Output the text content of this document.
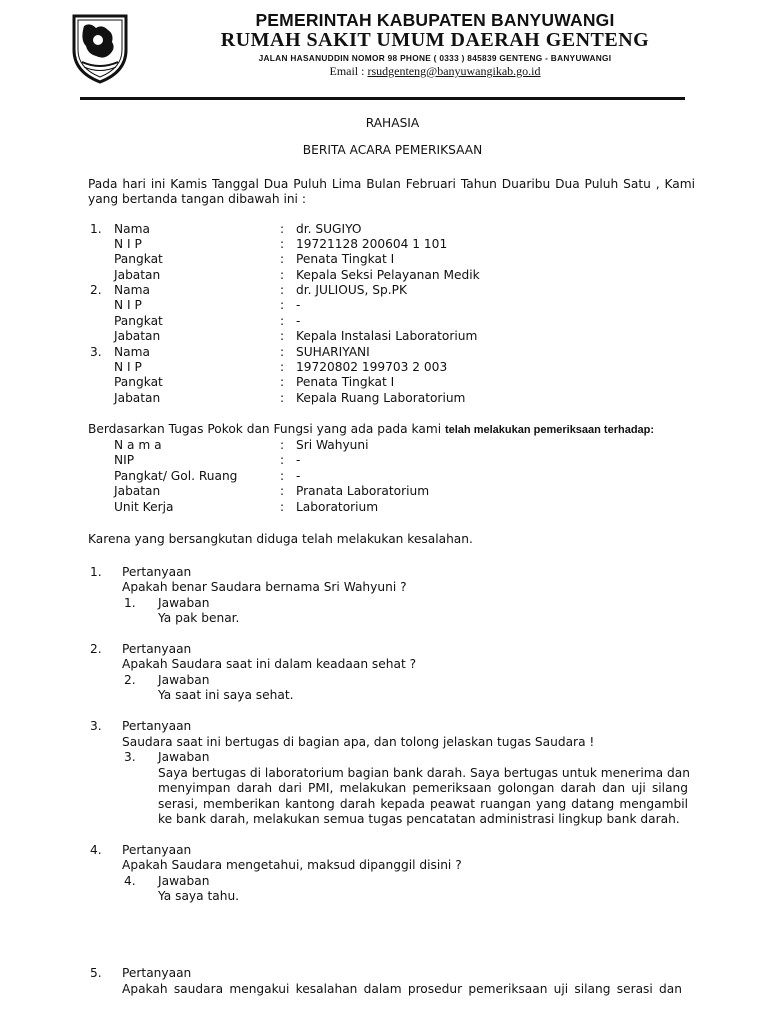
PEMERINTAH KABUPATEN BANYUWANGI
RUMAH SAKIT UMUM DAERAH GENTENG
JALAN HASANUDDIN NOMOR 98 PHONE ( 0333 ) 845839 GENTENG - BANYUWANGI
Email : rsudgenteng@banyuwangikab.go.id
RAHASIA
BERITA ACARA PEMERIKSAAN
Pada hari ini Kamis Tanggal Dua Puluh Lima Bulan Februari Tahun Duaribu Dua Puluh Satu , Kami
yang bertanda tangan dibawah ini :
1. Nama	: dr. SUGIYO
N I P	: 19721128 200604 1 101
Pangkat	: Penata Tingkat I
Jabatan	: Kepala Seksi Pelayanan Medik
2. Nama	: dr. JULIOUS, Sp.PK
N I P	: -
Pangkat	: -
Jabatan	: Kepala Instalasi Laboratorium
3. Nama	: SUHARIYANI
N I P	: 19720802 199703 2 003
Pangkat	: Penata Tingkat I
Jabatan	: Kepala Ruang Laboratorium
Berdasarkan Tugas Pokok dan Fungsi yang ada pada kami telah melakukan pemeriksaan terhadap:
N a m a	: Sri Wahyuni
NIP	: -
Pangkat/ Gol. Ruang	: -
Jabatan	: Pranata Laboratorium
Unit Kerja	: Laboratorium
Karena yang bersangkutan diduga telah melakukan kesalahan.
1. Pertanyaan
Apakah benar Saudara bernama Sri Wahyuni ?
1. Jawaban
Ya pak benar.
2. Pertanyaan
Apakah Saudara saat ini dalam keadaan sehat ?
2. Jawaban
Ya saat ini saya sehat.
3. Pertanyaan
Saudara saat ini bertugas di bagian apa, dan tolong jelaskan tugas Saudara !
3. Jawaban
Saya bertugas di laboratorium bagian bank darah. Saya bertugas untuk menerima dan
menyimpan darah dari PMI, melakukan pemeriksaan golongan darah dan uji silang
serasi, memberikan kantong darah kepada peawat ruangan yang datang mengambil
ke bank darah, melakukan semua tugas pencatatan administrasi lingkup bank darah.
4. Pertanyaan
Apakah Saudara mengetahui, maksud dipanggil disini ?
4. Jawaban
Ya saya tahu.
5. Pertanyaan
Apakah saudara mengakui kesalahan dalam prosedur pemeriksaan uji silang serasi dan
